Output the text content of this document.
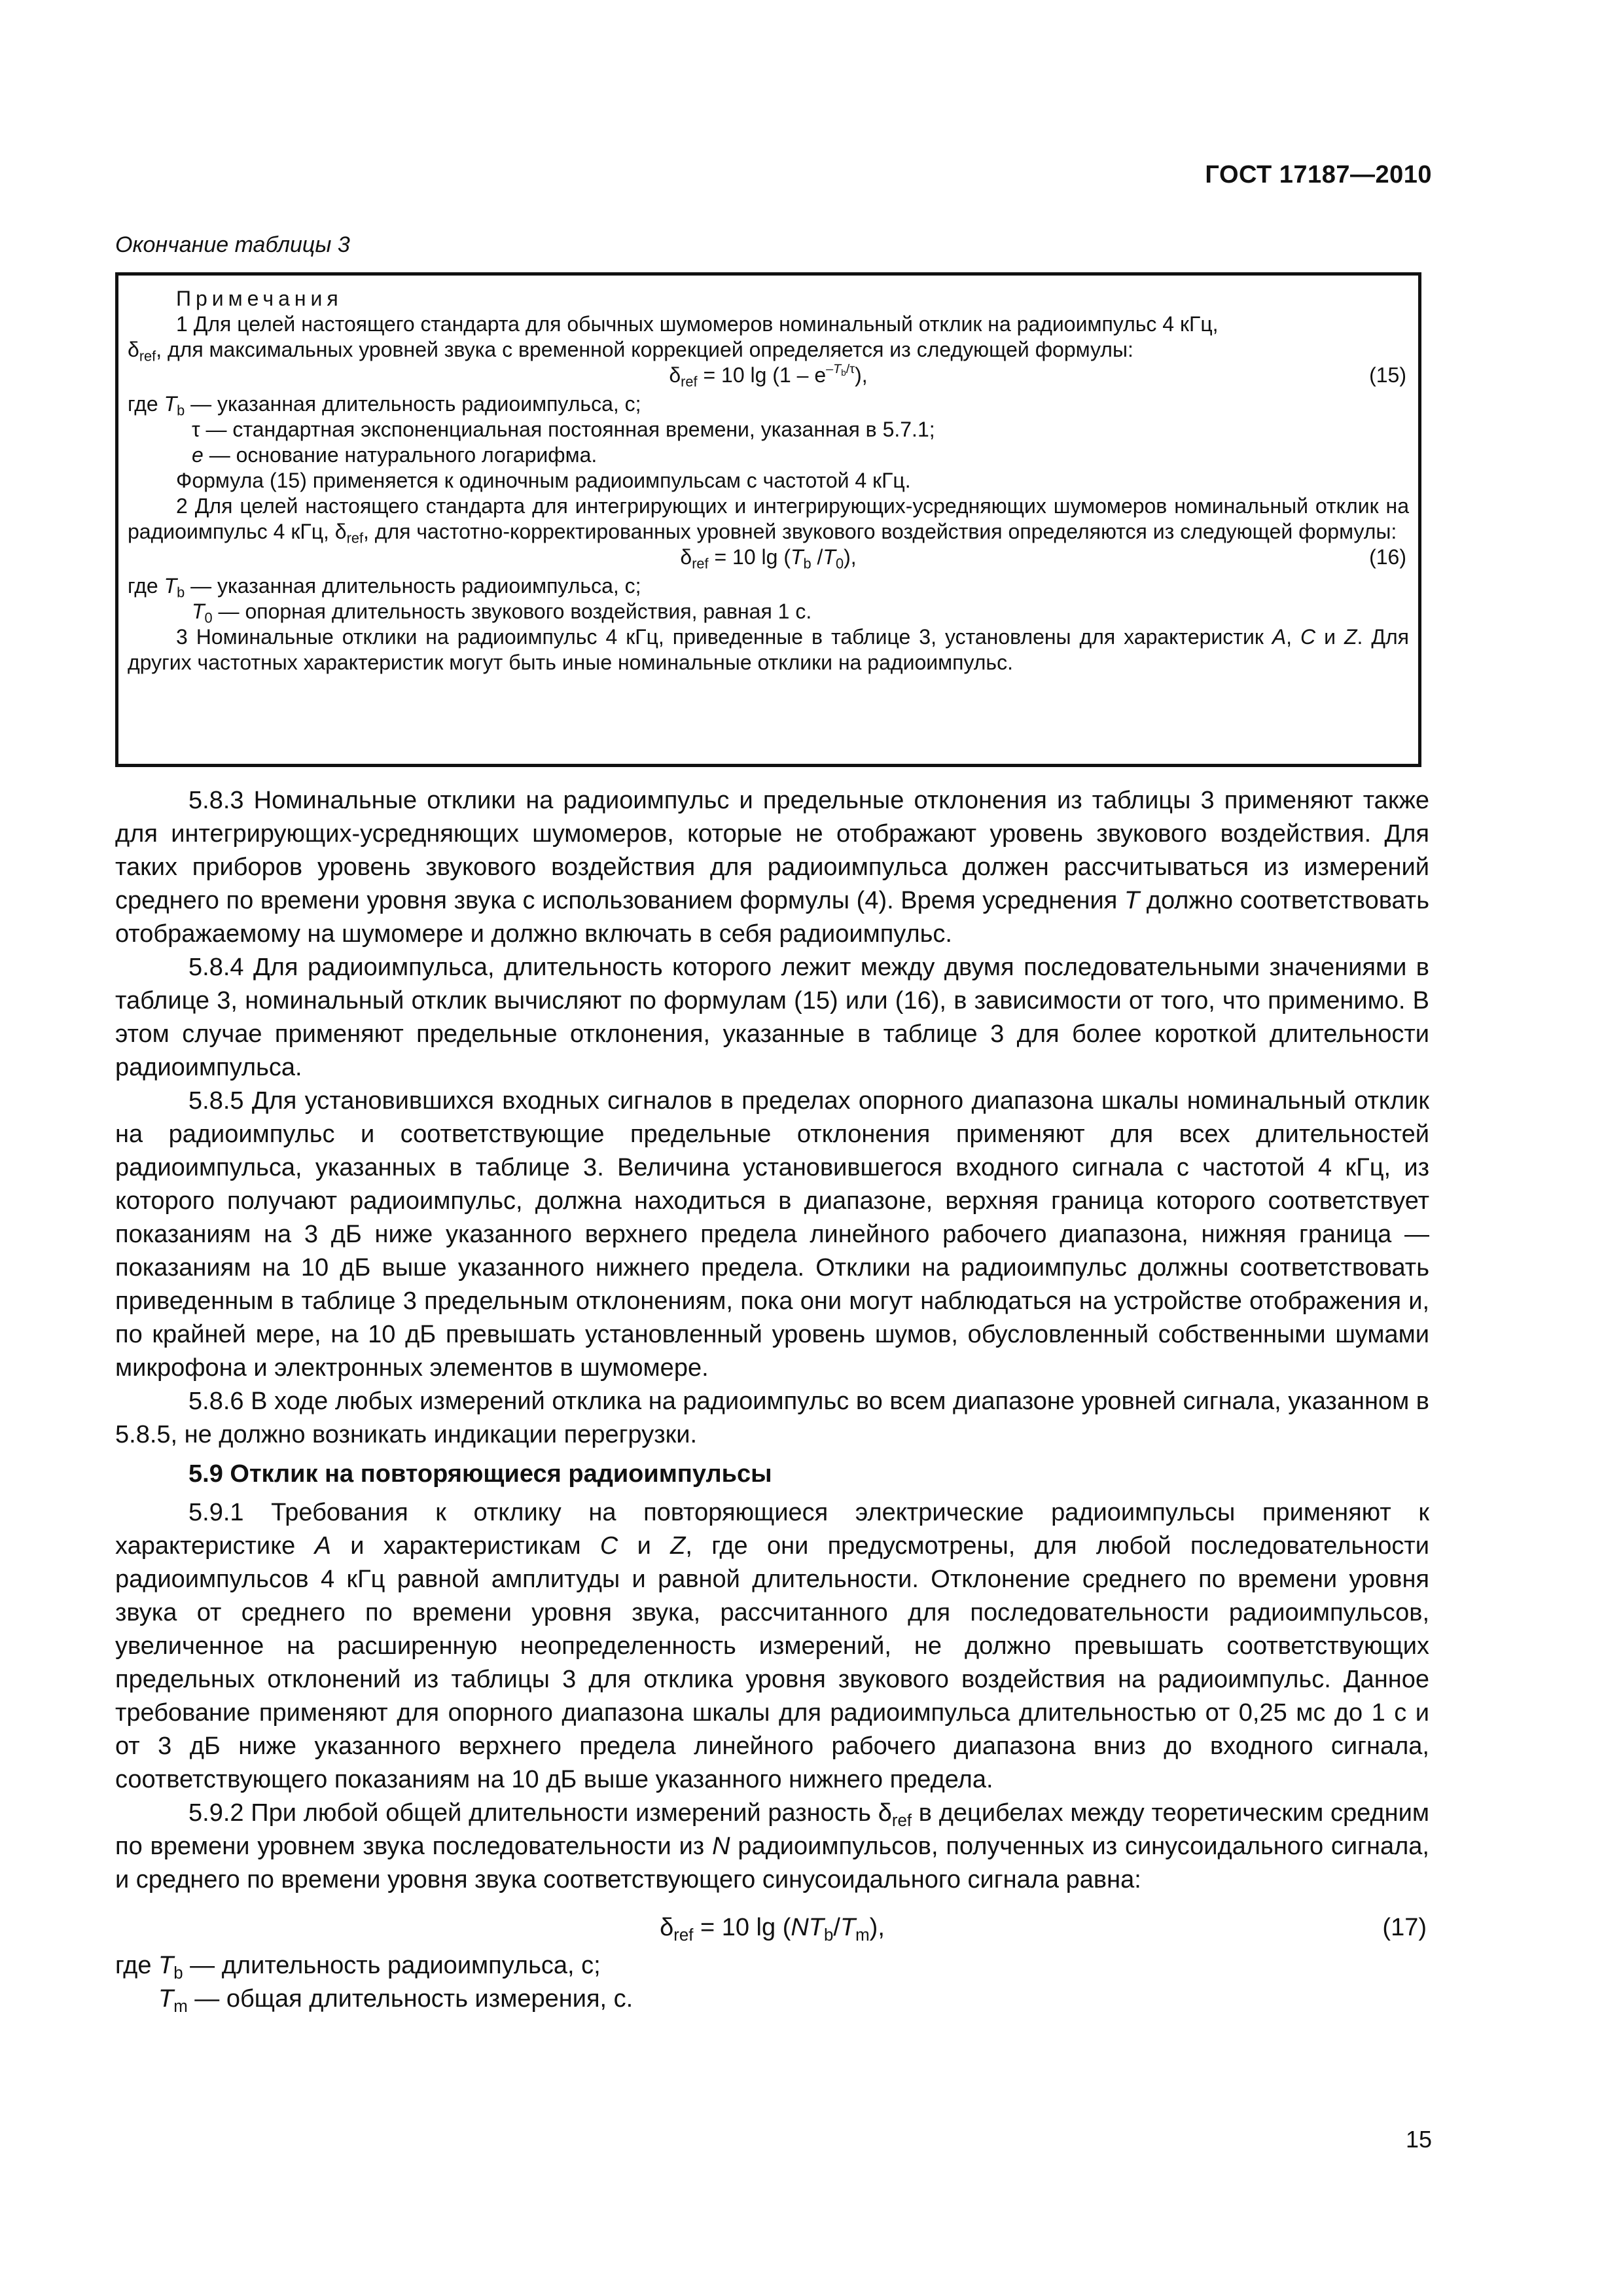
ГОСТ 17187—2010
Окончание таблицы 3

Примечания

1 Для целей настоящего стандарта для обычных шумомеров номинальный отклик на радиоимпульс 4 кГц,

$\delta_{ref}$, для максимальных уровней звука с временной коррекцией определяется из следующей формулы:

$\delta_{ref} = 10$ $\lg (1 - e^{-T_b/\tau})$,	(15)

где $T_b$ — указанная длительность радиоимпульса, с;

τ — стандартная экспоненциальная постоянная времени, указанная в 5.7.1;

e — основание натурального логарифма.

Формула (15) применяется к одиночным радиоимпульсам с частотой 4 кГц.

2 Для целей настоящего стандарта для интегрирующих и интегрирующих-усредняющих шумомеров номинальный отклик на радиоимпульс 4 кГц, $\delta_{ref}$, для частотно-корректированных уровней звукового воздействия определяются из следующей формулы:

$\delta_{ref} = 10$ $\lg (T_b$ $/T_0$),	(16)

где $T_b$ — указанная длительность радиоимпульса, с;

$T_0$ — опорная длительность звукового воздействия, равная 1 с.

3 Номинальные отклики на радиоимпульс 4 кГц, приведенные в таблице 3, установлены для характеристик A, C и Z. Для других частотных характеристик могут быть иные номинальные отклики на радиоимпульс.

5.8.3 Номинальные отклики на радиоимпульс и предельные отклонения из таблицы 3 применяют также для интегрирующих-усредняющих шумомеров, которые не отображают уровень звукового воздействия. Для таких приборов уровень звукового воздействия для радиоимпульса должен рассчитываться из измерений среднего по времени уровня звука с использованием формулы (4). Время усреднения T должно соответствовать отображаемому на шумомере и должно включать в себя радиоимпульс.

5.8.4 Для радиоимпульса, длительность которого лежит между двумя последовательными значениями в таблице 3, номинальный отклик вычисляют по формулам (15) или (16), в зависимости от того, что применимо. В этом случае применяют предельные отклонения, указанные в таблице 3 для более короткой длительности радиоимпульса.

5.8.5 Для установившихся входных сигналов в пределах опорного диапазона шкалы номинальный отклик на радиоимпульс и соответствующие предельные отклонения применяют для всех длительностей радиоимпульса, указанных в таблице 3. Величина установившегося входного сигнала с частотой 4 кГц, из которого получают радиоимпульс, должна находиться в диапазоне, верхняя граница которого соответствует показаниям на 3 дБ ниже указанного верхнего предела линейного рабочего диапазона, нижняя граница — показаниям на 10 дБ выше указанного нижнего предела. Отклики на радиоимпульс должны соответствовать приведенным в таблице 3 предельным отклонениям, пока они могут наблюдаться на устройстве отображения и, по крайней мере, на 10 дБ превышать установленный уровень шумов, обусловленный собственными шумами микрофона и электронных элементов в шумомере.

5.8.6 В ходе любых измерений отклика на радиоимпульс во всем диапазоне уровней сигнала, указанном в 5.8.5, не должно возникать индикации перегрузки.

5.9 Отклик на повторяющиеся радиоимпульсы

5.9.1 Требования к отклику на повторяющиеся электрические радиоимпульсы применяют к характеристике A и характеристикам C и Z, где они предусмотрены, для любой последовательности радиоимпульсов 4 кГц равной амплитуды и равной длительности. Отклонение среднего по времени уровня звука от среднего по времени уровня звука, рассчитанного для последовательности радиоимпульсов, увеличенное на расширенную неопределенность измерений, не должно превышать соответствующих предельных отклонений из таблицы 3 для отклика уровня звукового воздействия на радиоимпульс. Данное требование применяют для опорного диапазона шкалы для радиоимпульса длительностью от 0,25 мс до 1 с и от 3 дБ ниже указанного верхнего предела линейного рабочего диапазона вниз до входного сигнала, соответствующего показаниям на 10 дБ выше указанного нижнего предела.

5.9.2 При любой общей длительности измерений разность $\delta_{ref}$ в децибелах между теоретическим средним по времени уровнем звука последовательности из N радиоимпульсов, полученных из синусоидального сигнала, и среднего по времени уровня звука соответствующего синусоидального сигнала равна:

$\delta_{ref} = 10$ $\lg (NT_b/T_m)$,	(17)

где $T_b$ — длительность радиоимпульса, с;

$T_m$ — общая длительность измерения, с.

15
